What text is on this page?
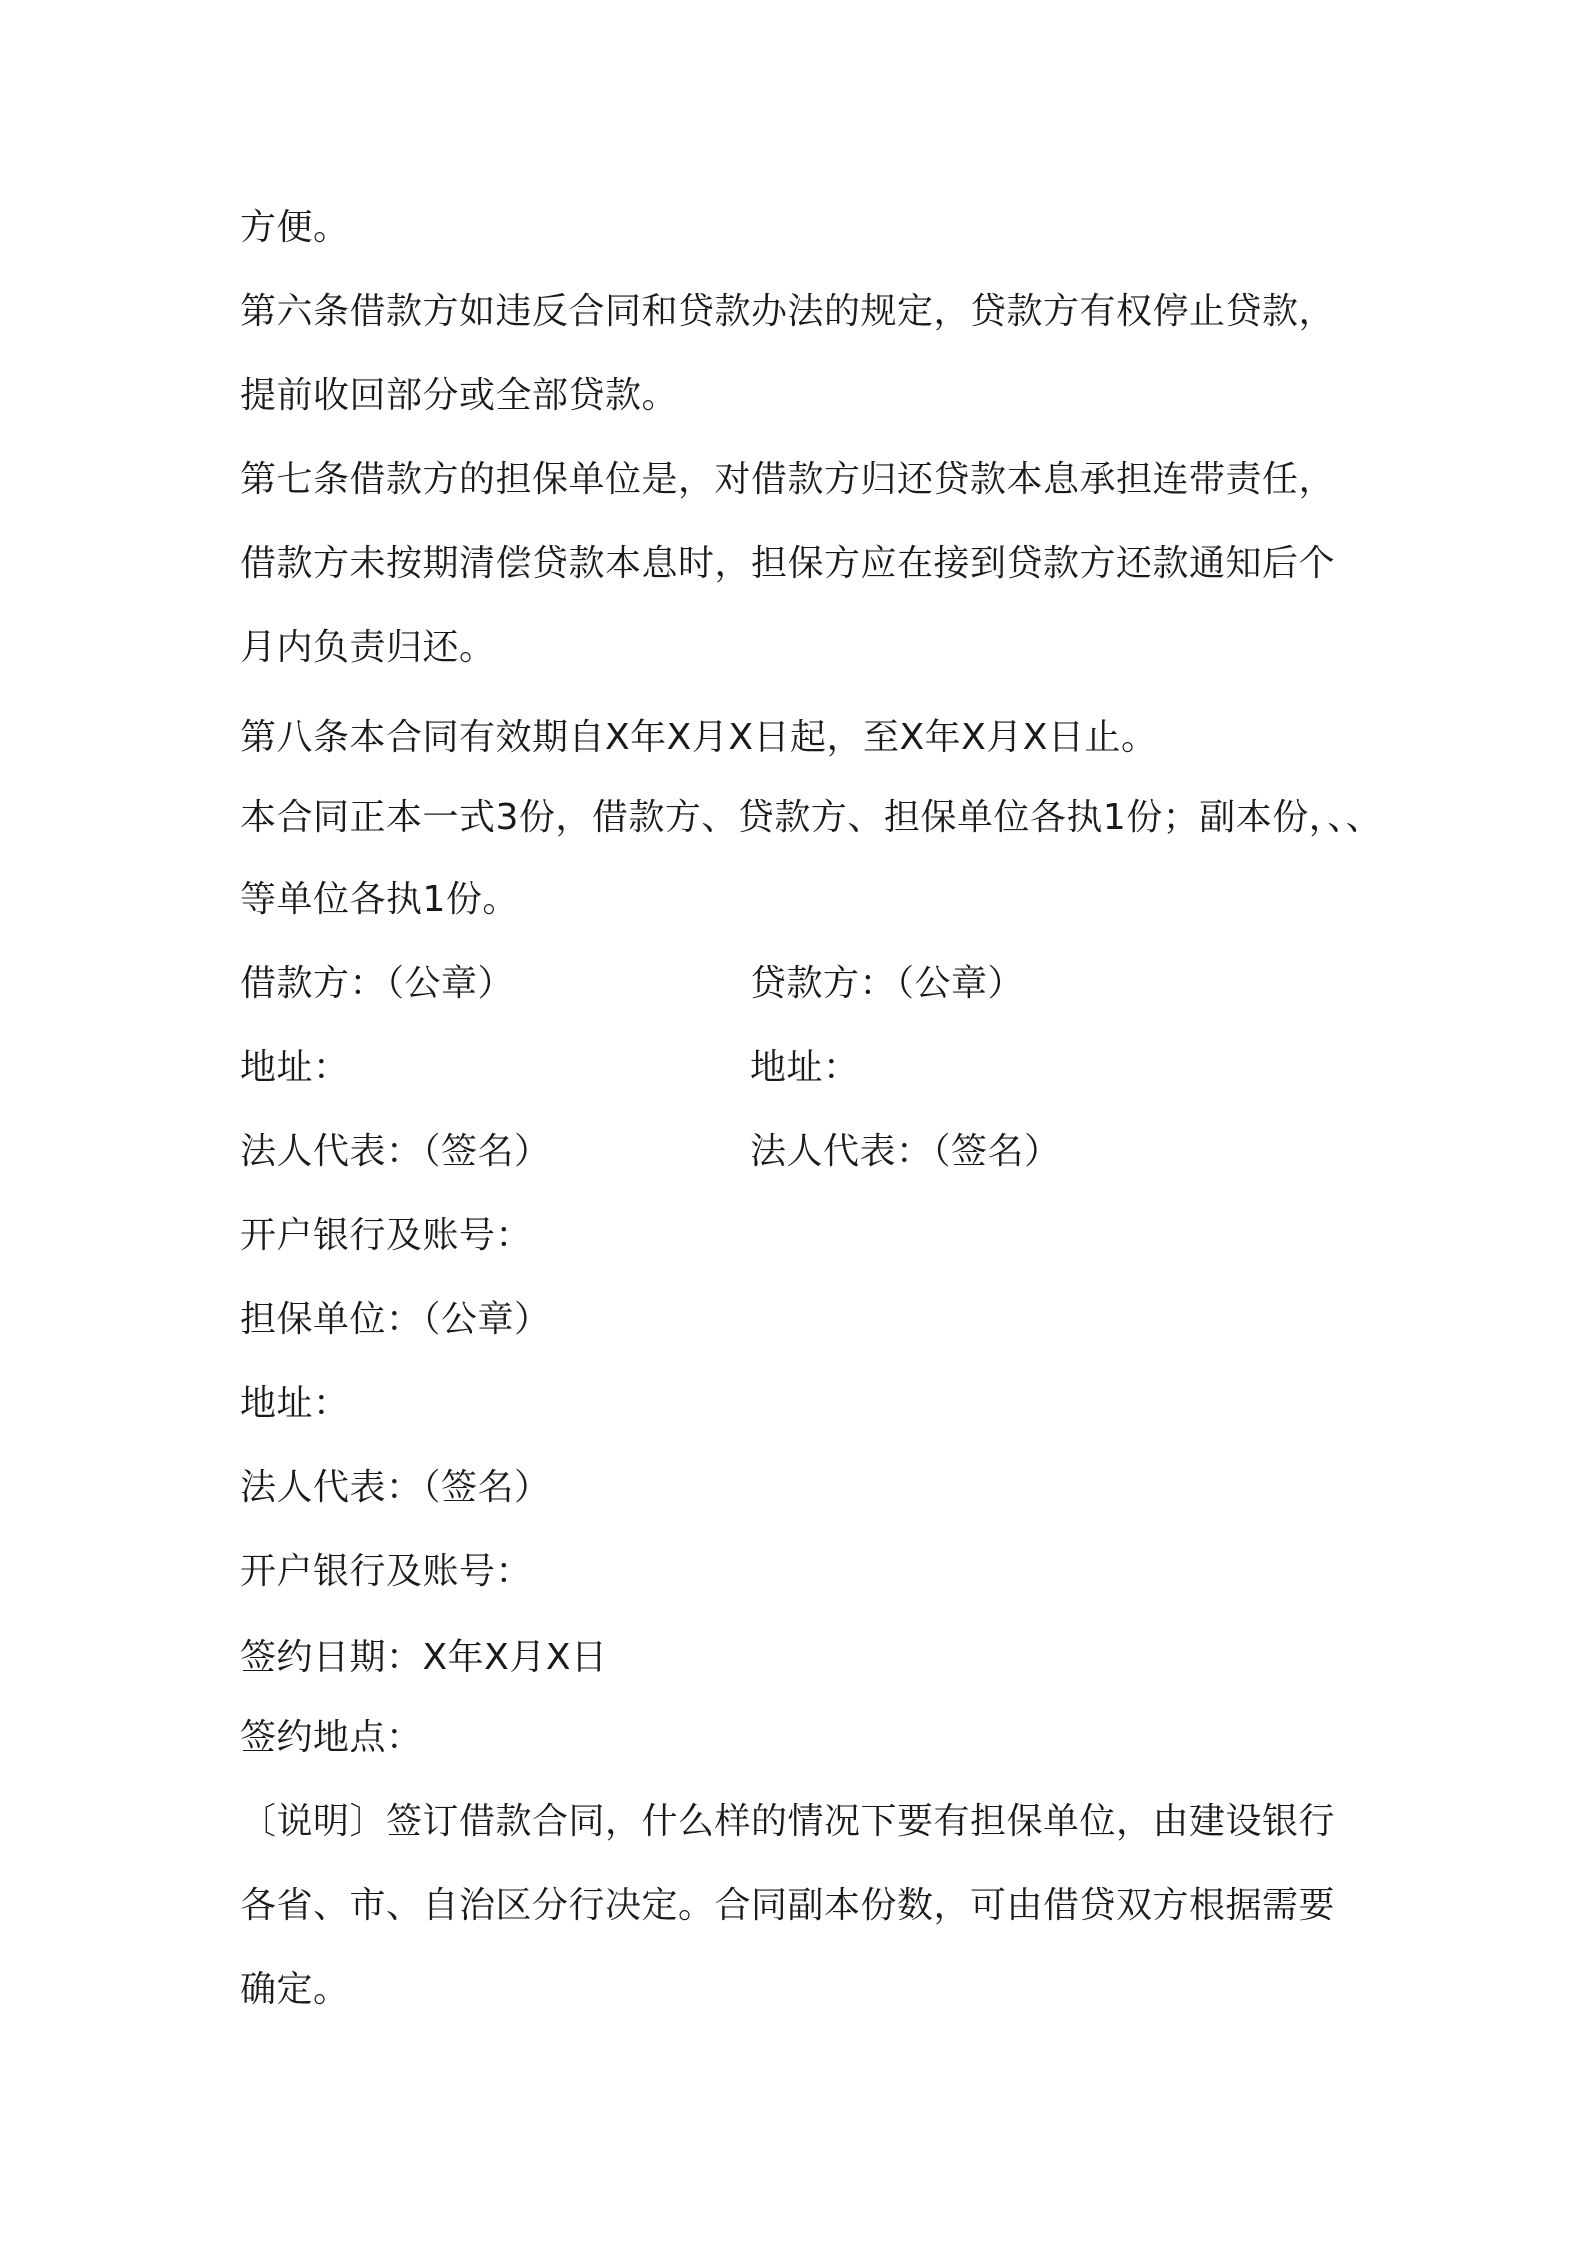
方便。
第六条借款方如违反合同和贷款办法的规定，贷款方有权停止贷款，
提前收回部分或全部贷款。
第七条借款方的担保单位是，对借款方归还贷款本息承担连带责任，
借款方未按期清偿贷款本息时，担保方应在接到贷款方还款通知后个
月内负责归还。
第八条本合同有效期自X年X月X日起，至X年X月X日止。
本合同正本一式3份，借款方、贷款方、担保单位各执1份；副本份，、、
等单位各执1份。
借款方：（公章）	贷款方：（公章）
地址：	地址：
法人代表：（签名）	法人代表：（签名）
开户银行及账号：
担保单位：（公章）
地址：
法人代表：（签名）
开户银行及账号：
签约日期：X年X月X日
签约地点：
〔说明〕签订借款合同，什么样的情况下要有担保单位，由建设银行
各省、市、自治区分行决定。合同副本份数，可由借贷双方根据需要
确定。
